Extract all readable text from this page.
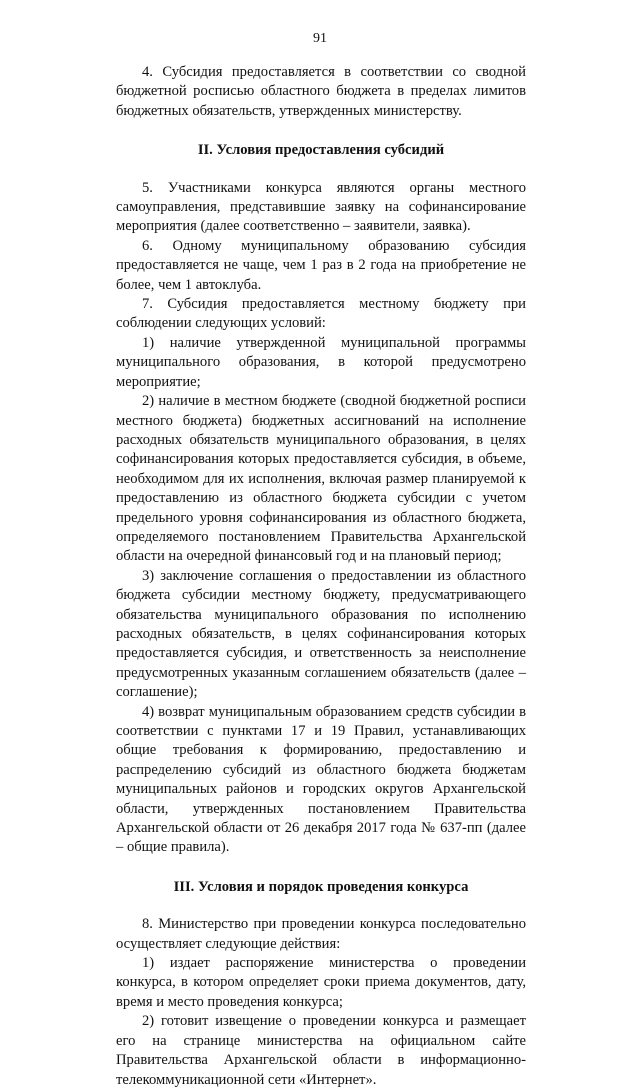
91

4. Субсидия предоставляется в соответствии со сводной бюджетной росписью областного бюджета в пределах лимитов бюджетных обязательств, утвержденных министерству.

II. Условия предоставления субсидий

5. Участниками конкурса являются органы местного самоуправления, представившие заявку на софинансирование мероприятия (далее соответственно – заявители, заявка).

6. Одному муниципальному образованию субсидия предоставляется не чаще, чем 1 раз в 2 года на приобретение не более, чем 1 автоклуба.

7. Субсидия предоставляется местному бюджету при соблюдении следующих условий:

1) наличие утвержденной муниципальной программы муниципального образования, в которой предусмотрено мероприятие;

2) наличие в местном бюджете (сводной бюджетной росписи местного бюджета) бюджетных ассигнований на исполнение расходных обязательств муниципального образования, в целях софинансирования которых предоставляется субсидия, в объеме, необходимом для их исполнения, включая размер планируемой к предоставлению из областного бюджета субсидии с учетом предельного уровня софинансирования из областного бюджета, определяемого постановлением Правительства Архангельской области на очередной финансовый год и на плановый период;

3) заключение соглашения о предоставлении из областного бюджета субсидии местному бюджету, предусматривающего обязательства муниципального образования по исполнению расходных обязательств, в целях софинансирования которых предоставляется субсидия, и ответственность за неисполнение предусмотренных указанным соглашением обязательств (далее – соглашение);

4) возврат муниципальным образованием средств субсидии в соответствии с пунктами 17 и 19 Правил, устанавливающих общие требования к формированию, предоставлению и распределению субсидий из областного бюджета бюджетам муниципальных районов и городских округов Архангельской области, утвержденных постановлением Правительства Архангельской области от 26 декабря 2017 года № 637-пп (далее – общие правила).

III. Условия и порядок проведения конкурса

8. Министерство при проведении конкурса последовательно осуществляет следующие действия:

1) издает распоряжение министерства о проведении конкурса, в котором определяет сроки приема документов, дату, время и место проведения конкурса;

2) готовит извещение о проведении конкурса и размещает его на странице министерства на официальном сайте Правительства Архангельской области в информационно-телекоммуникационной сети «Интернет».
